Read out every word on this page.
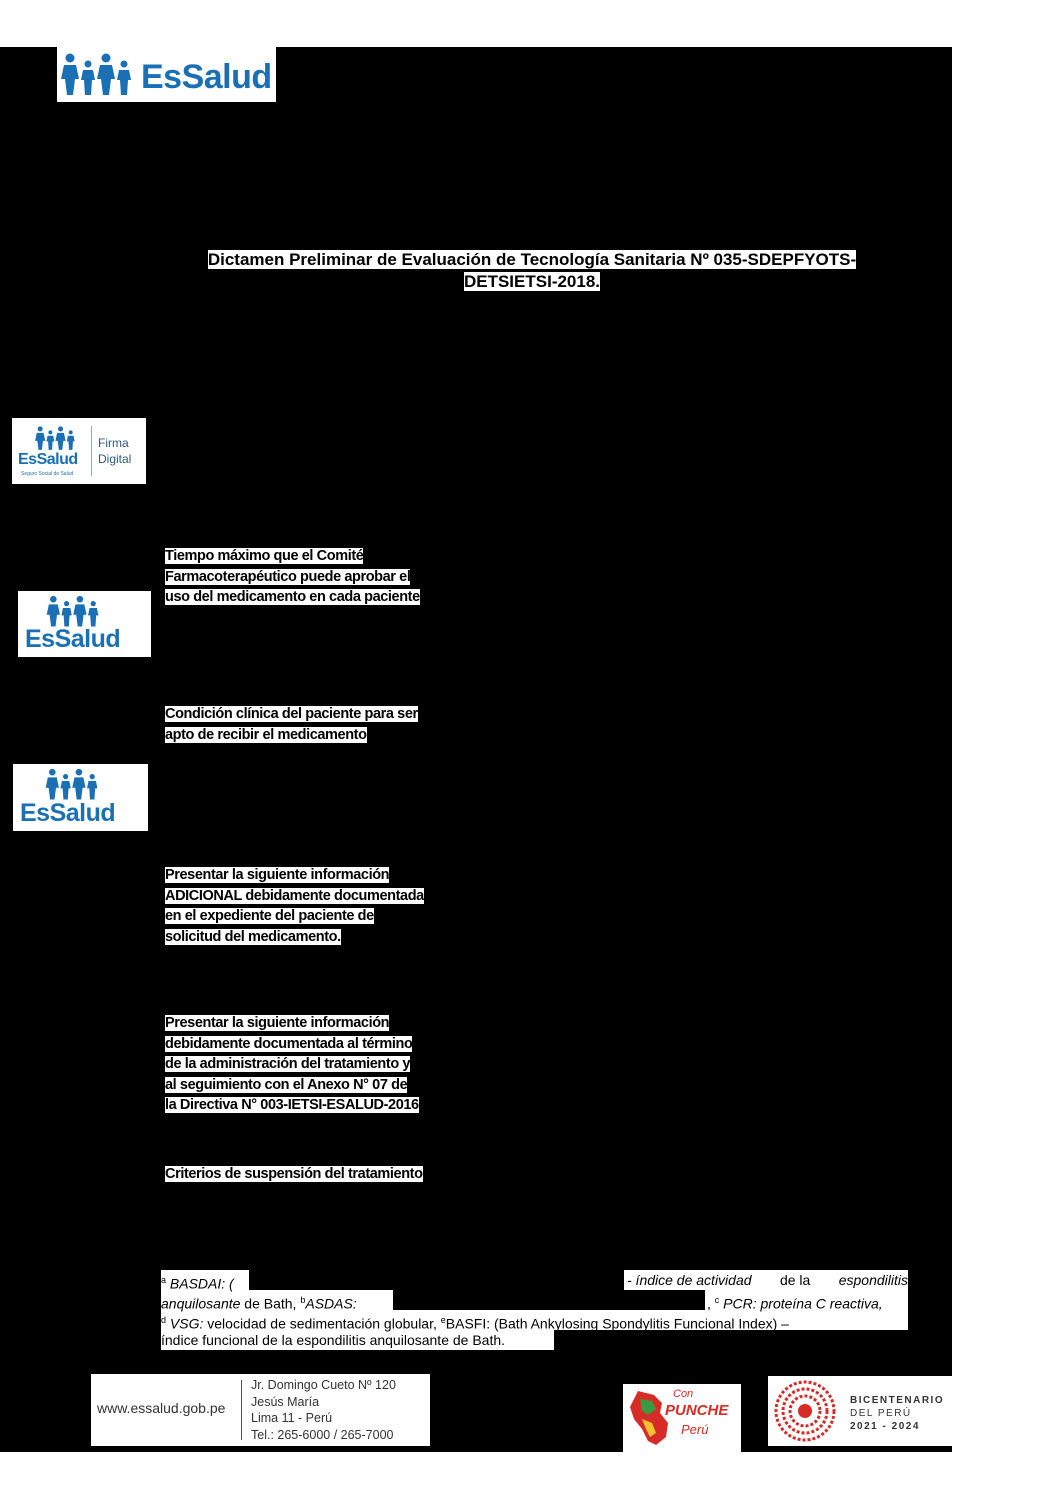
EsSalud
Dictamen Preliminar de Evaluación de Tecnología Sanitaria Nº 035-SDEPFYOTS-
DETSIETSI-2018.
EsSalud
Seguro Social de Salud
Firma
Digital
EsSalud
EsSalud
Tiempo máximo que el Comité
Farmacoterapéutico puede aprobar el
uso del medicamento en cada paciente
Condición clínica del paciente para ser
apto de recibir el medicamento
Presentar la siguiente información
ADICIONAL debidamente documentada
en el expediente del paciente de
solicitud del medicamento.
Presentar la siguiente información
debidamente documentada al término
de la administración del tratamiento y
al seguimiento con el Anexo N° 07 de
la Directiva N° 003-IETSI-ESALUD-2016
Criterios de suspensión del tratamiento
$^a$ BASDAI: (	- índice de actividad de la espondilitis
anquilosante de Bath, $^b$ASDAS:	, $^c$ PCR: proteína C reactiva,
$^d$ VSG: velocidad de sedimentación globular, $^e$BASFI: (Bath Ankylosing Spondylitis Funcional Index) –
índice funcional de la espondilitis anquilosante de Bath.
www.essalud.gob.pe
Jr. Domingo Cueto Nº 120
Jesús María
Lima 11 - Perú
Tel.: 265-6000 / 265-7000
Con
PUNCHE
Perú
BICENTENARIO
DEL PERÚ
2021 - 2024
